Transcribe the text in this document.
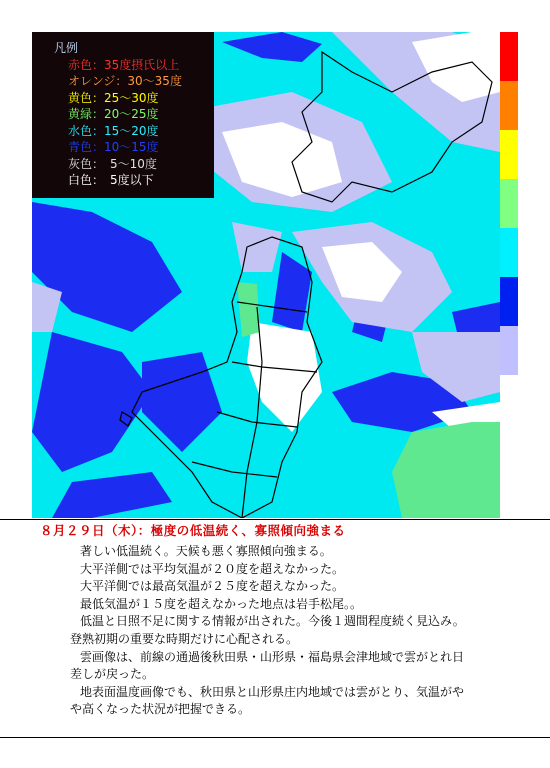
凡例
赤色：35度摂氏以上
オレンジ：30～35度
黄色：25～30度
黄緑：20～25度
水色：15～20度
青色：10～15度
灰色：　5～10度
白色：　5度以下
８月２９日（木）：極度の低温続く、寡照傾向強まる

著しい低温続く。天候も悪く寡照傾向強まる。

大平洋側では平均気温が２０度を超えなかった。

大平洋側では最高気温が２５度を超えなかった。

最低気温が１５度を超えなかった地点は岩手松尾。。

低温と日照不足に関する情報が出された。今後１週間程度続く見込み。

登熟初期の重要な時期だけに心配される。

雲画像は、前線の通過後秋田県・山形県・福島県会津地域で雲がとれ日

差しが戻った。

地表面温度画像でも、秋田県と山形県庄内地域では雲がとり、気温がや

や高くなった状況が把握できる。
